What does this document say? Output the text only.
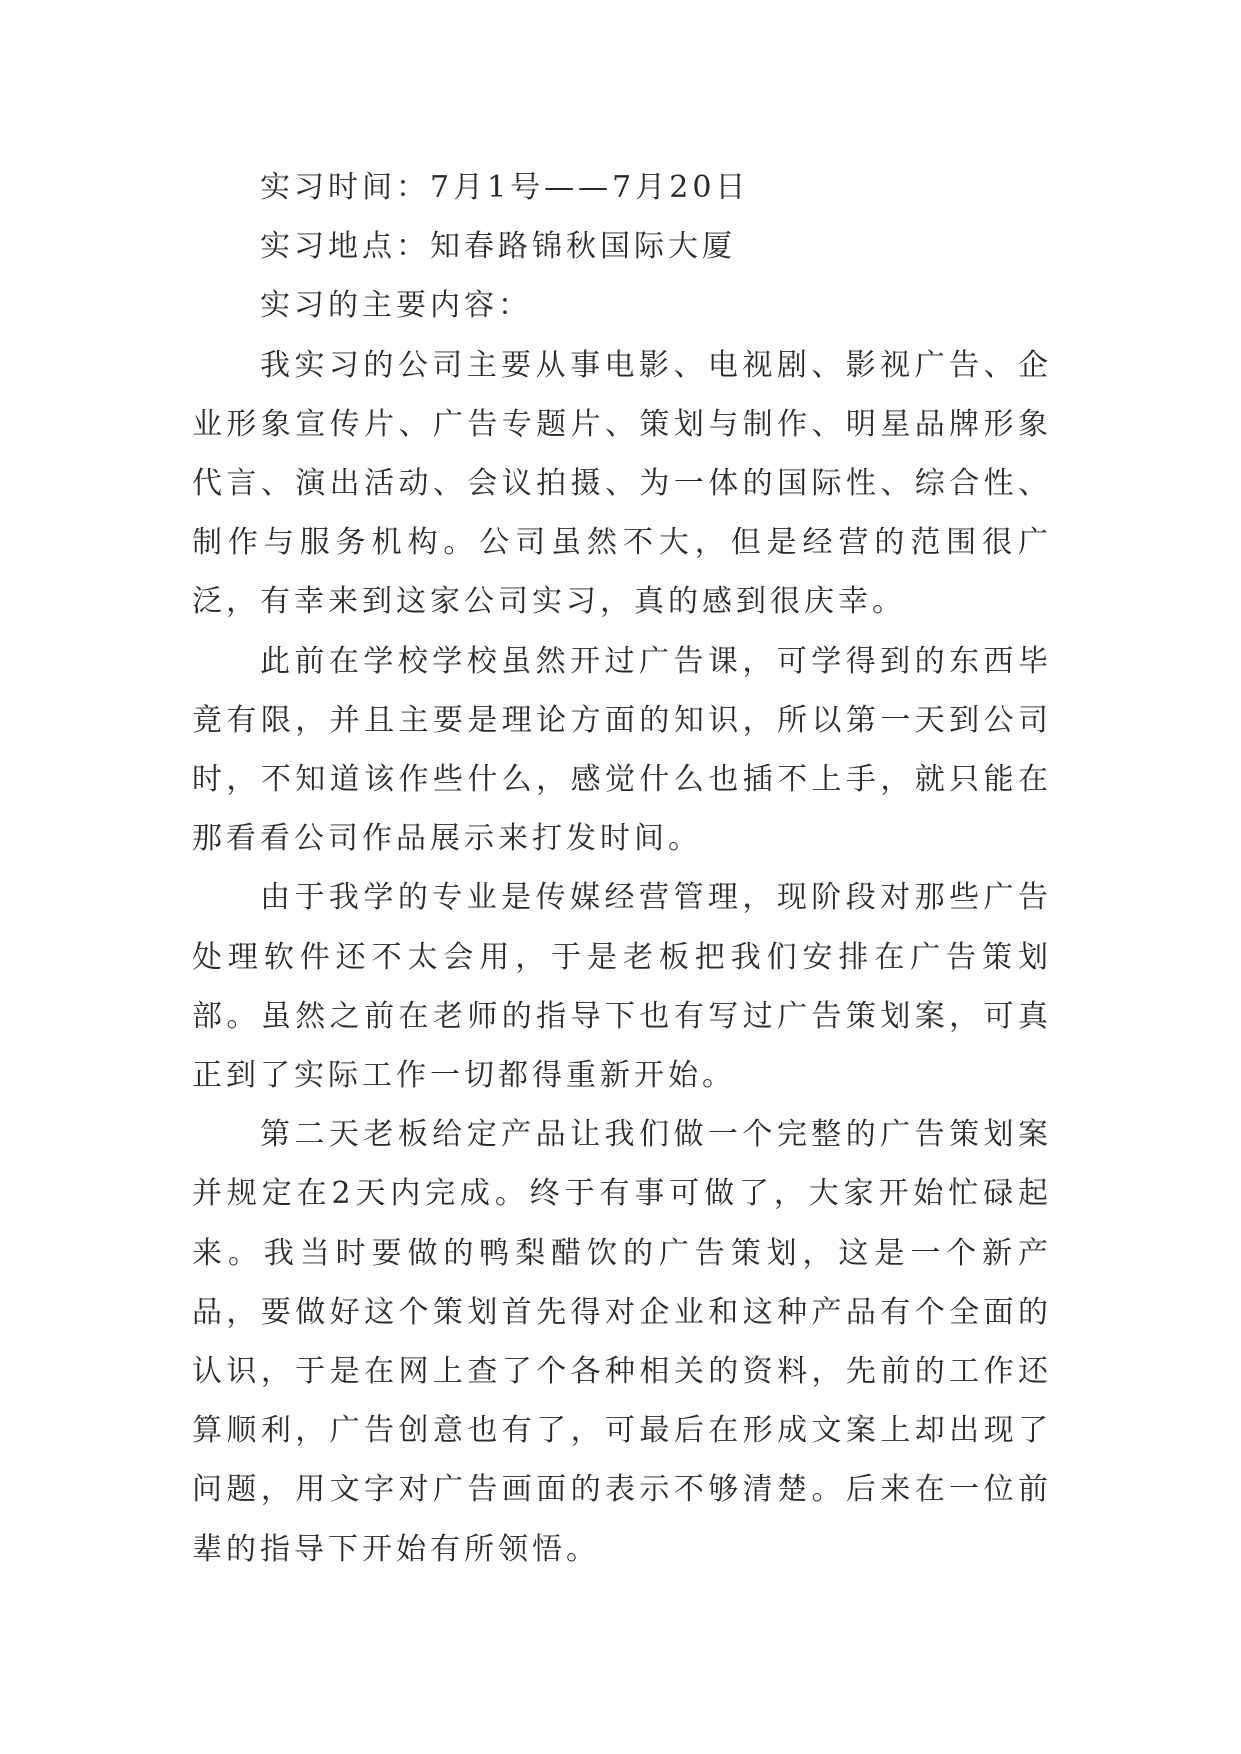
实习时间：7月1号——7月20日

实习地点：知春路锦秋国际大厦

实习的主要内容：

我实习的公司主要从事电影、电视剧、影视广告、企业形象宣传片、广告专题片、策划与制作、明星品牌形象代言、演出活动、会议拍摄、为一体的国际性、综合性、制作与服务机构。公司虽然不大，但是经营的范围很广泛，有幸来到这家公司实习，真的感到很庆幸。

此前在学校学校虽然开过广告课，可学得到的东西毕竟有限，并且主要是理论方面的知识，所以第一天到公司时，不知道该作些什么，感觉什么也插不上手，就只能在那看看公司作品展示来打发时间。

由于我学的专业是传媒经营管理，现阶段对那些广告处理软件还不太会用，于是老板把我们安排在广告策划部。虽然之前在老师的指导下也有写过广告策划案，可真正到了实际工作一切都得重新开始。

第二天老板给定产品让我们做一个完整的广告策划案并规定在2天内完成。终于有事可做了，大家开始忙碌起来。我当时要做的鸭梨醋饮的广告策划，这是一个新产品，要做好这个策划首先得对企业和这种产品有个全面的认识，于是在网上查了个各种相关的资料，先前的工作还算顺利，广告创意也有了，可最后在形成文案上却出现了问题，用文字对广告画面的表示不够清楚。后来在一位前辈的指导下开始有所领悟。
